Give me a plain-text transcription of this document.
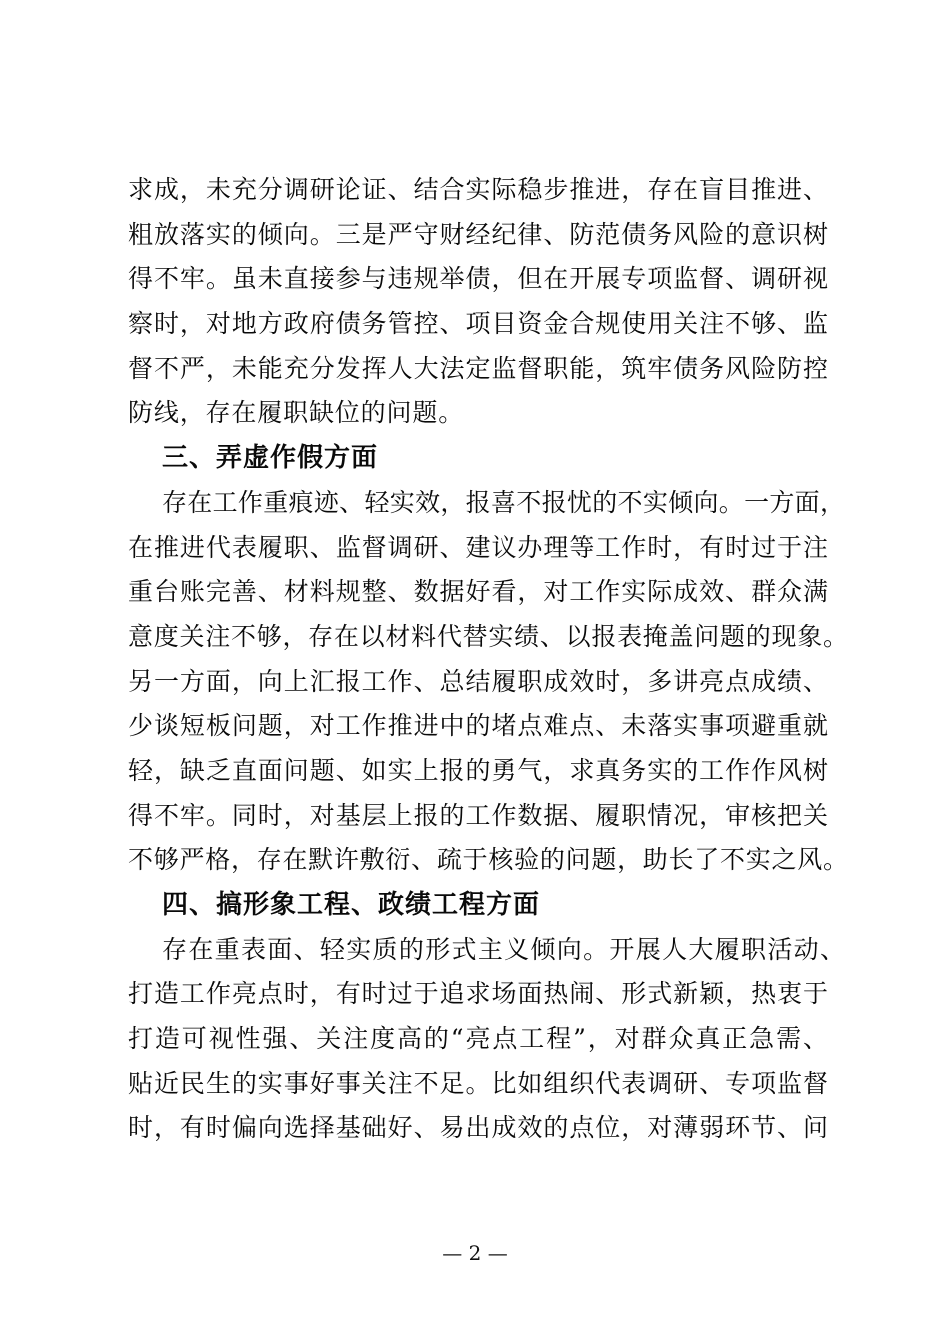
求成，未充分调研论证、结合实际稳步推进，存在盲目推进、
粗放落实的倾向。三是严守财经纪律、防范债务风险的意识树
得不牢。虽未直接参与违规举债，但在开展专项监督、调研视
察时，对地方政府债务管控、项目资金合规使用关注不够、监
督不严，未能充分发挥人大法定监督职能，筑牢债务风险防控
防线，存在履职缺位的问题。
三、弄虚作假方面
存在工作重痕迹、轻实效，报喜不报忧的不实倾向。一方面，
在推进代表履职、监督调研、建议办理等工作时，有时过于注
重台账完善、材料规整、数据好看，对工作实际成效、群众满
意度关注不够，存在以材料代替实绩、以报表掩盖问题的现象。
另一方面，向上汇报工作、总结履职成效时，多讲亮点成绩、
少谈短板问题，对工作推进中的堵点难点、未落实事项避重就
轻，缺乏直面问题、如实上报的勇气，求真务实的工作作风树
得不牢。同时，对基层上报的工作数据、履职情况，审核把关
不够严格，存在默许敷衍、疏于核验的问题，助长了不实之风。
四、搞形象工程、政绩工程方面
存在重表面、轻实质的形式主义倾向。开展人大履职活动、
打造工作亮点时，有时过于追求场面热闹、形式新颖，热衷于
打造可视性强、关注度高的“亮点工程”，对群众真正急需、
贴近民生的实事好事关注不足。比如组织代表调研、专项监督
时，有时偏向选择基础好、易出成效的点位，对薄弱环节、问
— 2 —
